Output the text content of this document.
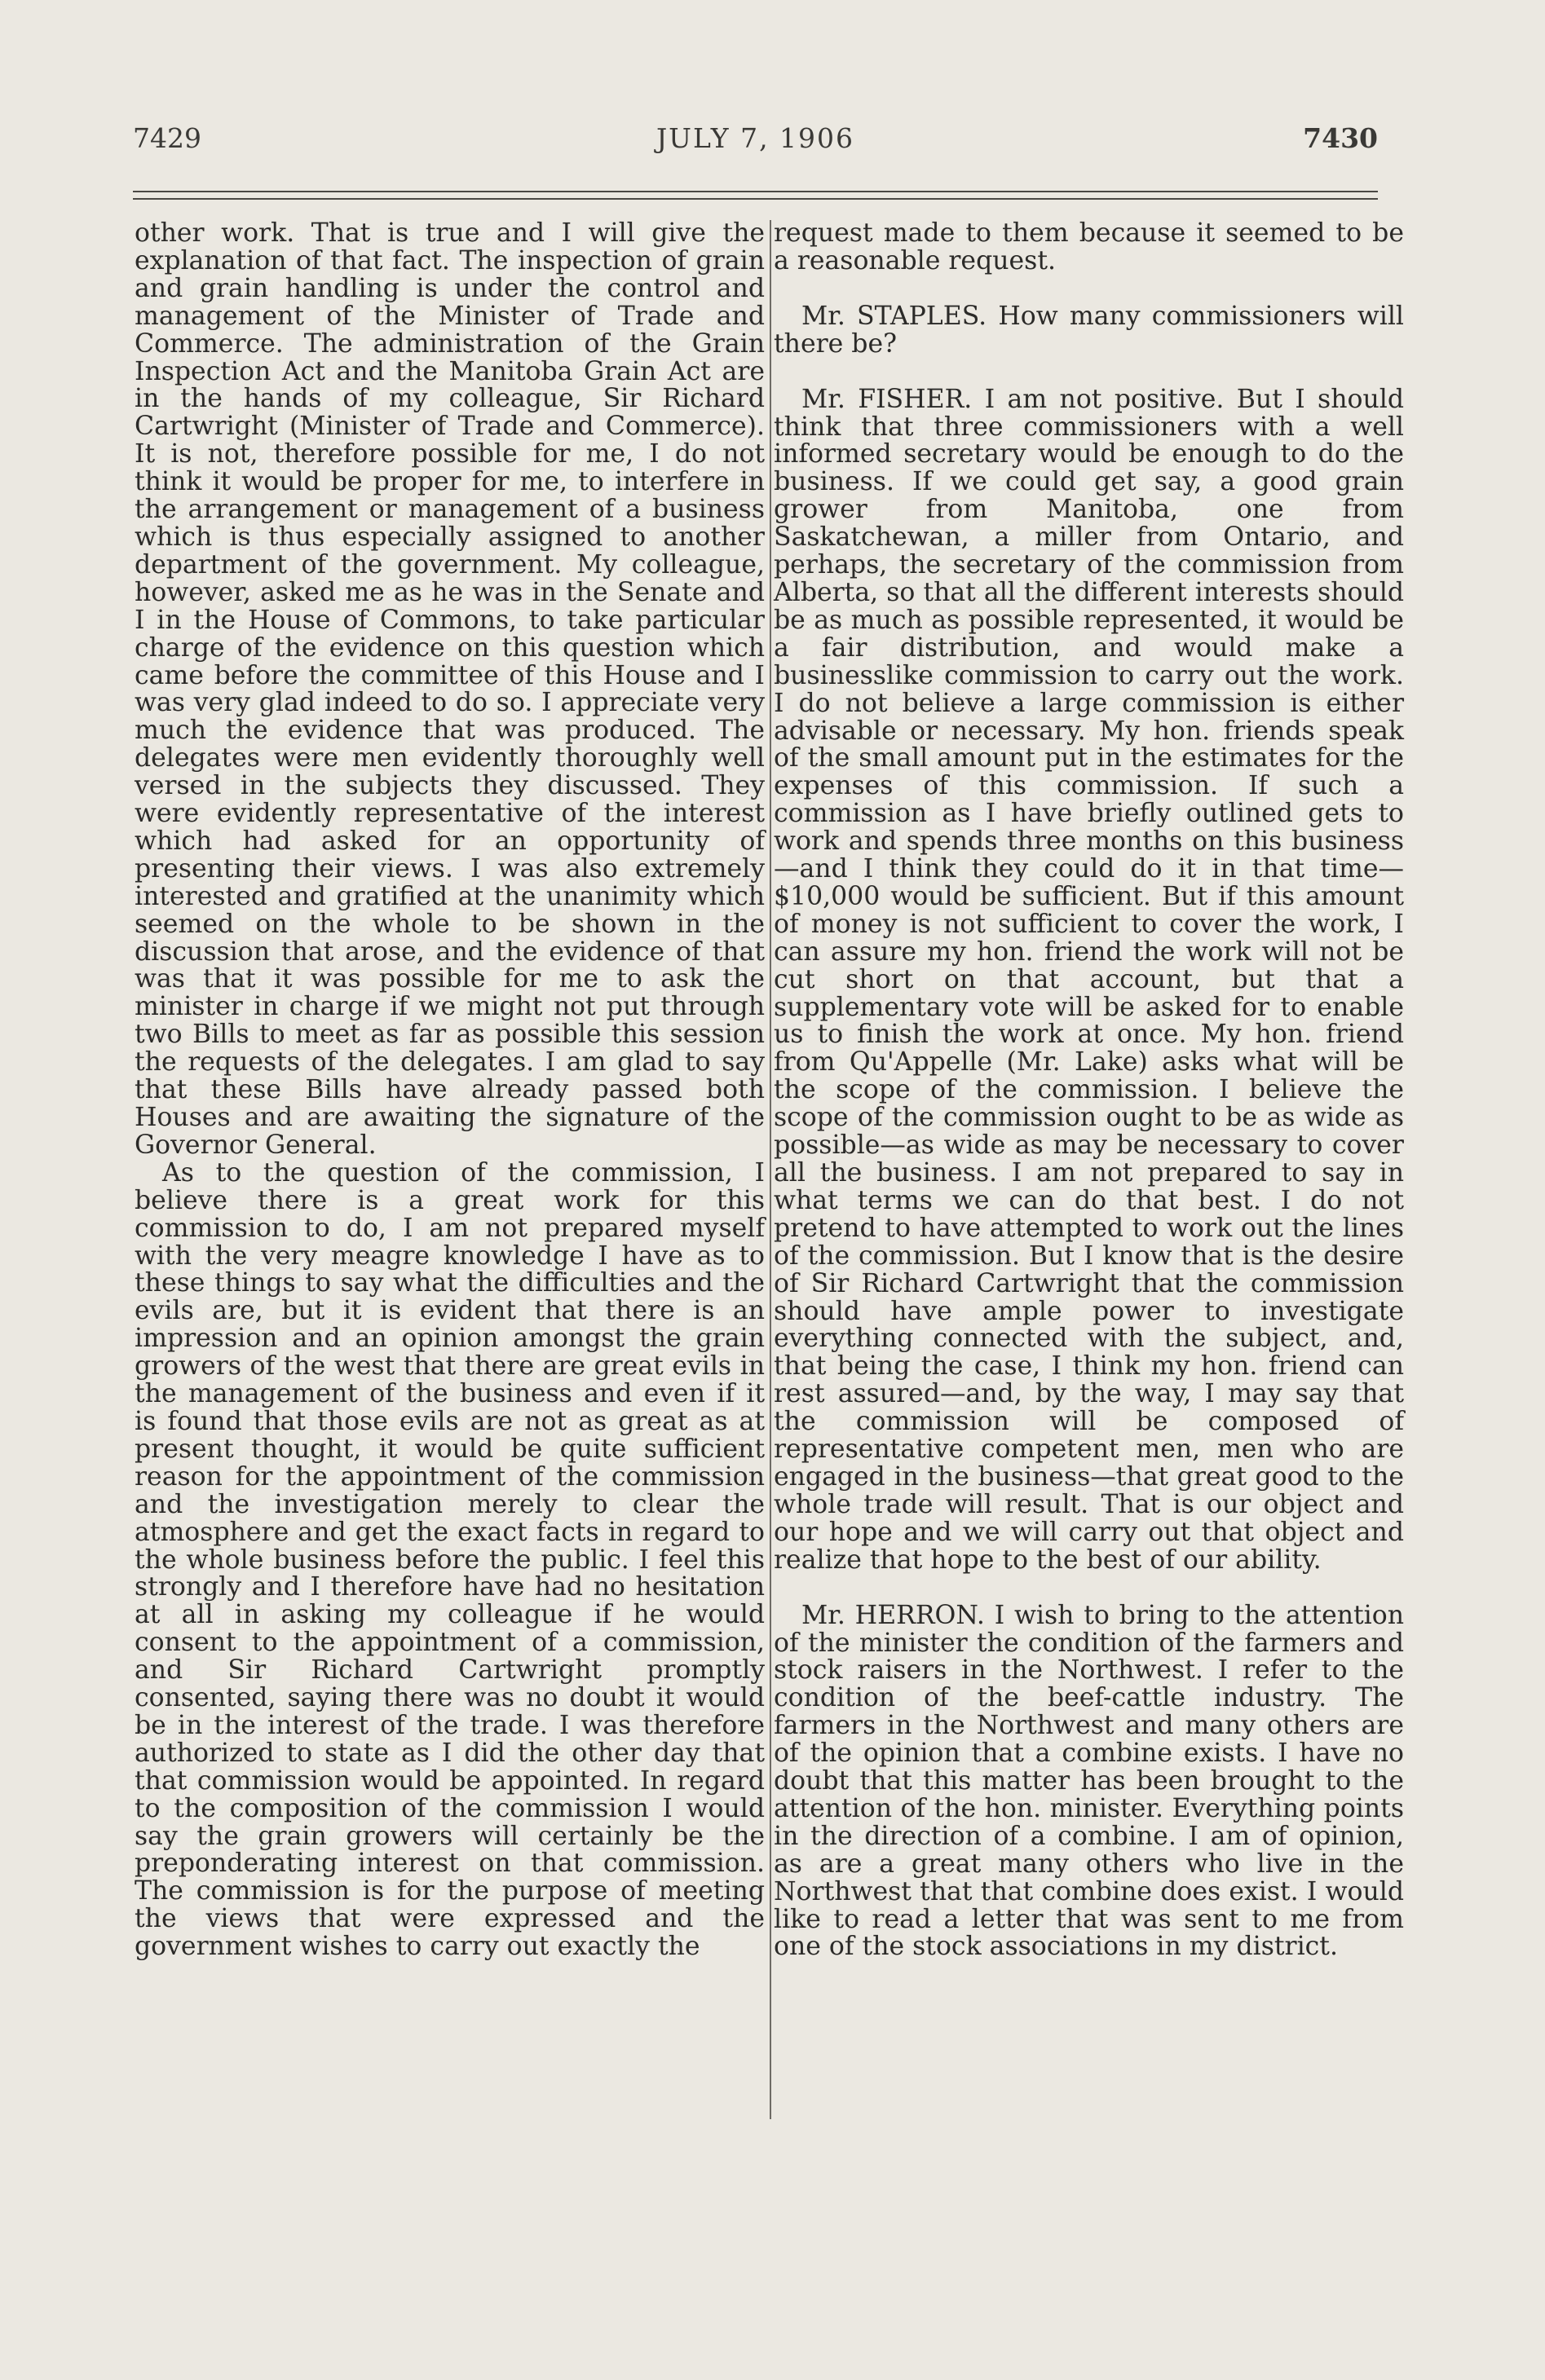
7429	JULY 7, 1906	7430

other work. That is true and I will give the explanation of that fact. The inspection of grain and grain handling is under the control and management of the Minister of Trade and Commerce. The administration of the Grain Inspection Act and the Manitoba Grain Act are in the hands of my colleague, Sir Richard Cartwright (Minister of Trade and Commerce). It is not, therefore possible for me, I do not think it would be proper for me, to interfere in the arrangement or management of a business which is thus especially assigned to another department of the government. My colleague, however, asked me as he was in the Senate and I in the House of Commons, to take particular charge of the evidence on this question which came before the committee of this House and I was very glad indeed to do so. I appreciate very much the evidence that was produced. The delegates were men evidently thoroughly well versed in the subjects they discussed. They were evidently representative of the interest which had asked for an opportunity of presenting their views. I was also extremely interested and gratified at the unanimity which seemed on the whole to be shown in the discussion that arose, and the evidence of that was that it was possible for me to ask the minister in charge if we might not put through two Bills to meet as far as possible this session the requests of the delegates. I am glad to say that these Bills have already passed both Houses and are awaiting the signature of the Governor General.

As to the question of the commission, I believe there is a great work for this commission to do, I am not prepared myself with the very meagre knowledge I have as to these things to say what the difficulties and the evils are, but it is evident that there is an impression and an opinion amongst the grain growers of the west that there are great evils in the management of the business and even if it is found that those evils are not as great as at present thought, it would be quite sufficient reason for the appointment of the commission and the investigation merely to clear the atmosphere and get the exact facts in regard to the whole business before the public. I feel this strongly and I therefore have had no hesitation at all in asking my colleague if he would consent to the appointment of a commission, and Sir Richard Cartwright promptly consented, saying there was no doubt it would be in the interest of the trade. I was therefore authorized to state as I did the other day that that commission would be appointed. In regard to the composition of the commission I would say the grain growers will certainly be the preponderating interest on that commission. The commission is for the purpose of meeting the views that were expressed and the government wishes to carry out exactly the

request made to them because it seemed to be a reasonable request.

Mr. STAPLES. How many commissioners will there be?

Mr. FISHER. I am not positive. But I should think that three commissioners with a well informed secretary would be enough to do the business. If we could get say, a good grain grower from Manitoba, one from Saskatchewan, a miller from Ontario, and perhaps, the secretary of the commission from Alberta, so that all the different interests should be as much as possible represented, it would be a fair distribution, and would make a businesslike commission to carry out the work. I do not believe a large commission is either advisable or necessary. My hon. friends speak of the small amount put in the estimates for the expenses of this commission. If such a commission as I have briefly outlined gets to work and spends three months on this business—and I think they could do it in that time—$10,000 would be sufficient. But if this amount of money is not sufficient to cover the work, I can assure my hon. friend the work will not be cut short on that account, but that a supplementary vote will be asked for to enable us to finish the work at once. My hon. friend from Qu'Appelle (Mr. Lake) asks what will be the scope of the commission. I believe the scope of the commission ought to be as wide as possible—as wide as may be necessary to cover all the business. I am not prepared to say in what terms we can do that best. I do not pretend to have attempted to work out the lines of the commission. But I know that is the desire of Sir Richard Cartwright that the commission should have ample power to investigate everything connected with the subject, and, that being the case, I think my hon. friend can rest assured—and, by the way, I may say that the commission will be composed of representative competent men, men who are engaged in the business—that great good to the whole trade will result. That is our object and our hope and we will carry out that object and realize that hope to the best of our ability.

Mr. HERRON. I wish to bring to the attention of the minister the condition of the farmers and stock raisers in the Northwest. I refer to the condition of the beef-cattle industry. The farmers in the Northwest and many others are of the opinion that a combine exists. I have no doubt that this matter has been brought to the attention of the hon. minister. Everything points in the direction of a combine. I am of opinion, as are a great many others who live in the Northwest that that combine does exist. I would like to read a letter that was sent to me from one of the stock associations in my district.
